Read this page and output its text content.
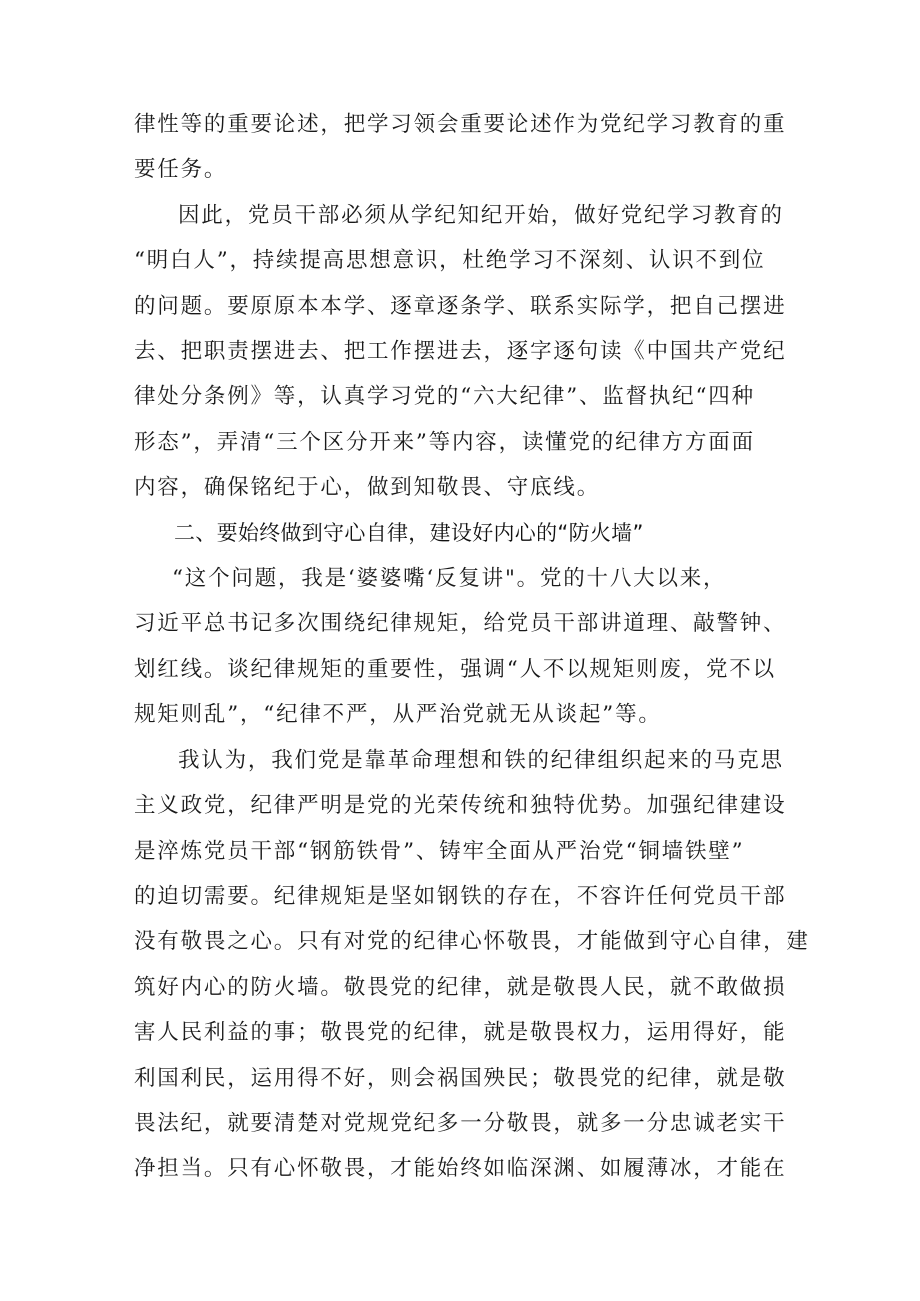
律性等的重要论述，把学习领会重要论述作为党纪学习教育的重
要任务。
因此，党员干部必须从学纪知纪开始，做好党纪学习教育的
“明白人”，持续提高思想意识，杜绝学习不深刻、认识不到位
的问题。要原原本本学、逐章逐条学、联系实际学，把自己摆进
去、把职责摆进去、把工作摆进去，逐字逐句读《中国共产党纪
律处分条例》等，认真学习党的“六大纪律”、监督执纪“四种
形态”，弄清“三个区分开来”等内容，读懂党的纪律方方面面
内容，确保铭纪于心，做到知敬畏、守底线。
二、要始终做到守心自律，建设好内心的“防火墙”
“这个问题，我是‘婆婆嘴‘反复讲"。党的十八大以来，
习近平总书记多次围绕纪律规矩，给党员干部讲道理、敲警钟、
划红线。谈纪律规矩的重要性，强调“人不以规矩则废，党不以
规矩则乱”，“纪律不严，从严治党就无从谈起”等。
我认为，我们党是靠革命理想和铁的纪律组织起来的马克思
主义政党，纪律严明是党的光荣传统和独特优势。加强纪律建设
是淬炼党员干部“钢筋铁骨”、铸牢全面从严治党“铜墙铁壁”
的迫切需要。纪律规矩是坚如钢铁的存在，不容许任何党员干部
没有敬畏之心。只有对党的纪律心怀敬畏，才能做到守心自律，建
筑好内心的防火墙。敬畏党的纪律，就是敬畏人民，就不敢做损
害人民利益的事；敬畏党的纪律，就是敬畏权力，运用得好，能
利国利民，运用得不好，则会祸国殃民；敬畏党的纪律，就是敬
畏法纪，就要清楚对党规党纪多一分敬畏，就多一分忠诚老实干
净担当。只有心怀敬畏，才能始终如临深渊、如履薄冰，才能在
